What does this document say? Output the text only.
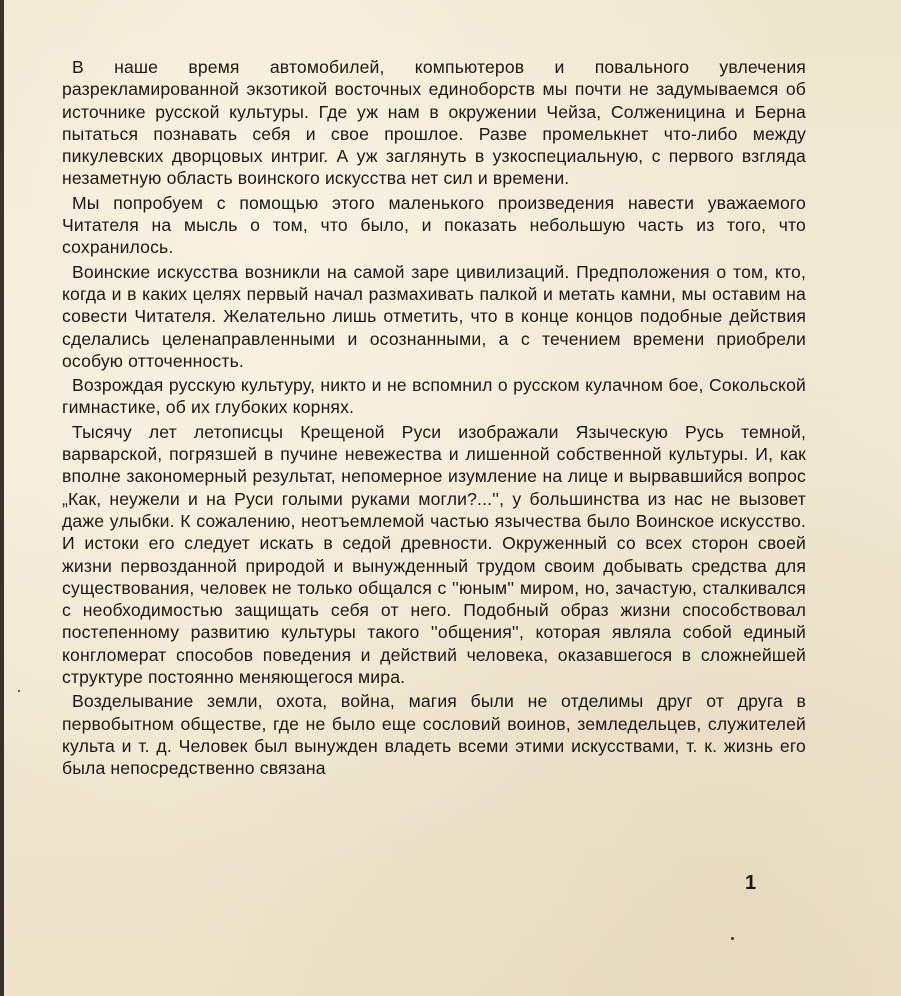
В наше время автомобилей, компьютеров и повального увлечения разрекламированной экзотикой восточных единоборств мы почти не задумываемся об источнике русской культуры. Где уж нам в окружении Чейза, Солженицина и Берна пытаться познавать себя и свое прошлое. Разве промелькнет что-либо между пикулевских дворцовых интриг. А уж заглянуть в узкоспециальную, с первого взгляда незаметную область воинского искусства нет сил и времени.

Мы попробуем с помощью этого маленького произведения навести уважаемого Читателя на мысль о том, что было, и показать небольшую часть из того, что сохранилось.

Воинские искусства возникли на самой заре цивилизаций. Предположения о том, кто, когда и в каких целях первый начал размахивать палкой и метать камни, мы оставим на совести Читателя. Желательно лишь отметить, что в конце концов подобные действия сделались целенаправленными и осознанными, а с течением времени приобрели особую отточенность.

Возрождая русскую культуру, никто и не вспомнил о русском кулачном бое, Сокольской гимнастике, об их глубоких корнях.

Тысячу лет летописцы Крещеной Руси изображали Языческую Русь темной, варварской, погрязшей в пучине невежества и лишенной собственной культуры. И, как вполне закономерный результат, непомерное изумление на лице и вырвавшийся вопрос „Как, неужели и на Руси голыми руками могли?...'', у большинства из нас не вызовет даже улыбки. К сожалению, неотъемлемой частью язычества было Воинское искусство. И истоки его следует искать в седой древности. Окруженный со всех сторон своей жизни первозданной природой и вынужденный трудом своим добывать средства для существования, человек не только общался с ''юным'' миром, но, зачастую, сталкивался с необходимостью защищать себя от него. Подобный образ жизни способствовал постепенному развитию культуры такого ''общения'', которая являла собой единый конгломерат способов поведения и действий человека, оказавшегося в сложнейшей структуре постоянно меняющегося мира.

Возделывание земли, охота, война, магия были не отделимы друг от друга в первобытном обществе, где не было еще сословий воинов, земледельцев, служителей культа и т. д. Человек был вынужден владеть всеми этими искусствами, т. к. жизнь его была непосредственно связана

1
